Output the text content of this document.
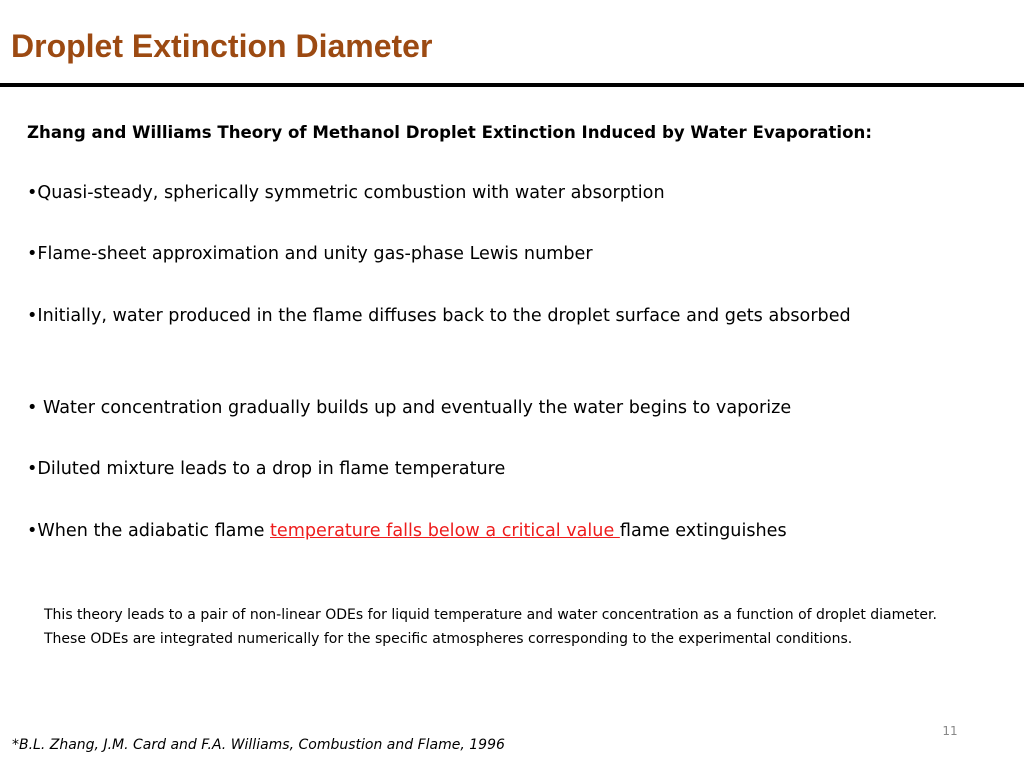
Droplet Extinction Diameter
Zhang and Williams Theory of Methanol Droplet Extinction Induced by Water Evaporation:
•Quasi-steady, spherically symmetric combustion with water absorption
•Flame-sheet approximation and unity gas-phase Lewis number
•Initially, water produced in the flame diffuses back to the droplet surface and gets absorbed
• Water concentration gradually builds up and eventually the water begins to vaporize
•Diluted mixture leads to a drop in flame temperature
•When the adiabatic flame temperature falls below a critical value flame extinguishes
This theory leads to a pair of non-linear ODEs for liquid temperature and water concentration as a function of droplet diameter. These ODEs are integrated numerically for the specific atmospheres corresponding to the experimental conditions.
11
*B.L. Zhang, J.M. Card and F.A. Williams, Combustion and Flame, 1996
